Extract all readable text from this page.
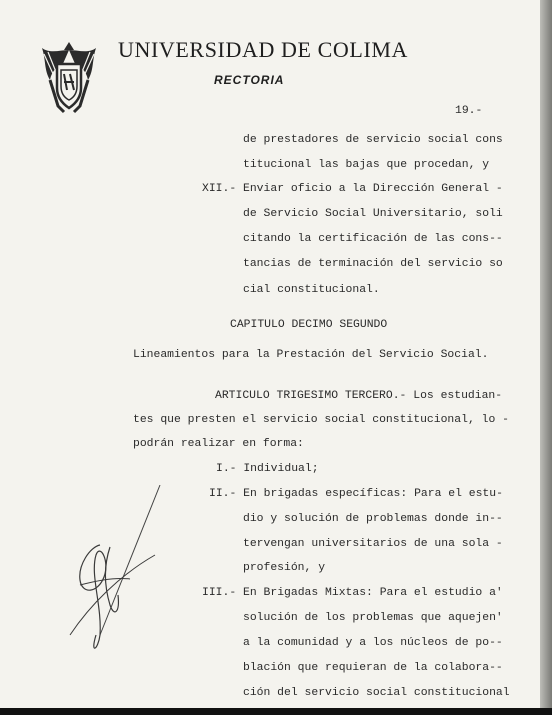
UNIVERSIDAD DE COLIMA
RECTORIA
19.-
de prestadores de servicio social cons
titucional las bajas que procedan, y
XII.- Enviar oficio a la Dirección General -
de Servicio Social Universitario, soli
citando la certificación de las cons--
tancias de terminación del servicio so
cial constitucional.
CAPITULO DECIMO SEGUNDO
Lineamientos para la Prestación del Servicio Social.
ARTICULO TRIGESIMO TERCERO.- Los estudian-
tes que presten el servicio social constitucional, lo -
podrán realizar en forma:
I.- Individual;
II.- En brigadas específicas: Para el estu-
dio y solución de problemas donde in--
tervengan universitarios de una sola -
profesión, y
III.- En Brigadas Mixtas: Para el estudio a'
solución de los problemas que aquejen'
a la comunidad y a los núcleos de po--
blación que requieran de la colabora--
ción del servicio social constitucional
